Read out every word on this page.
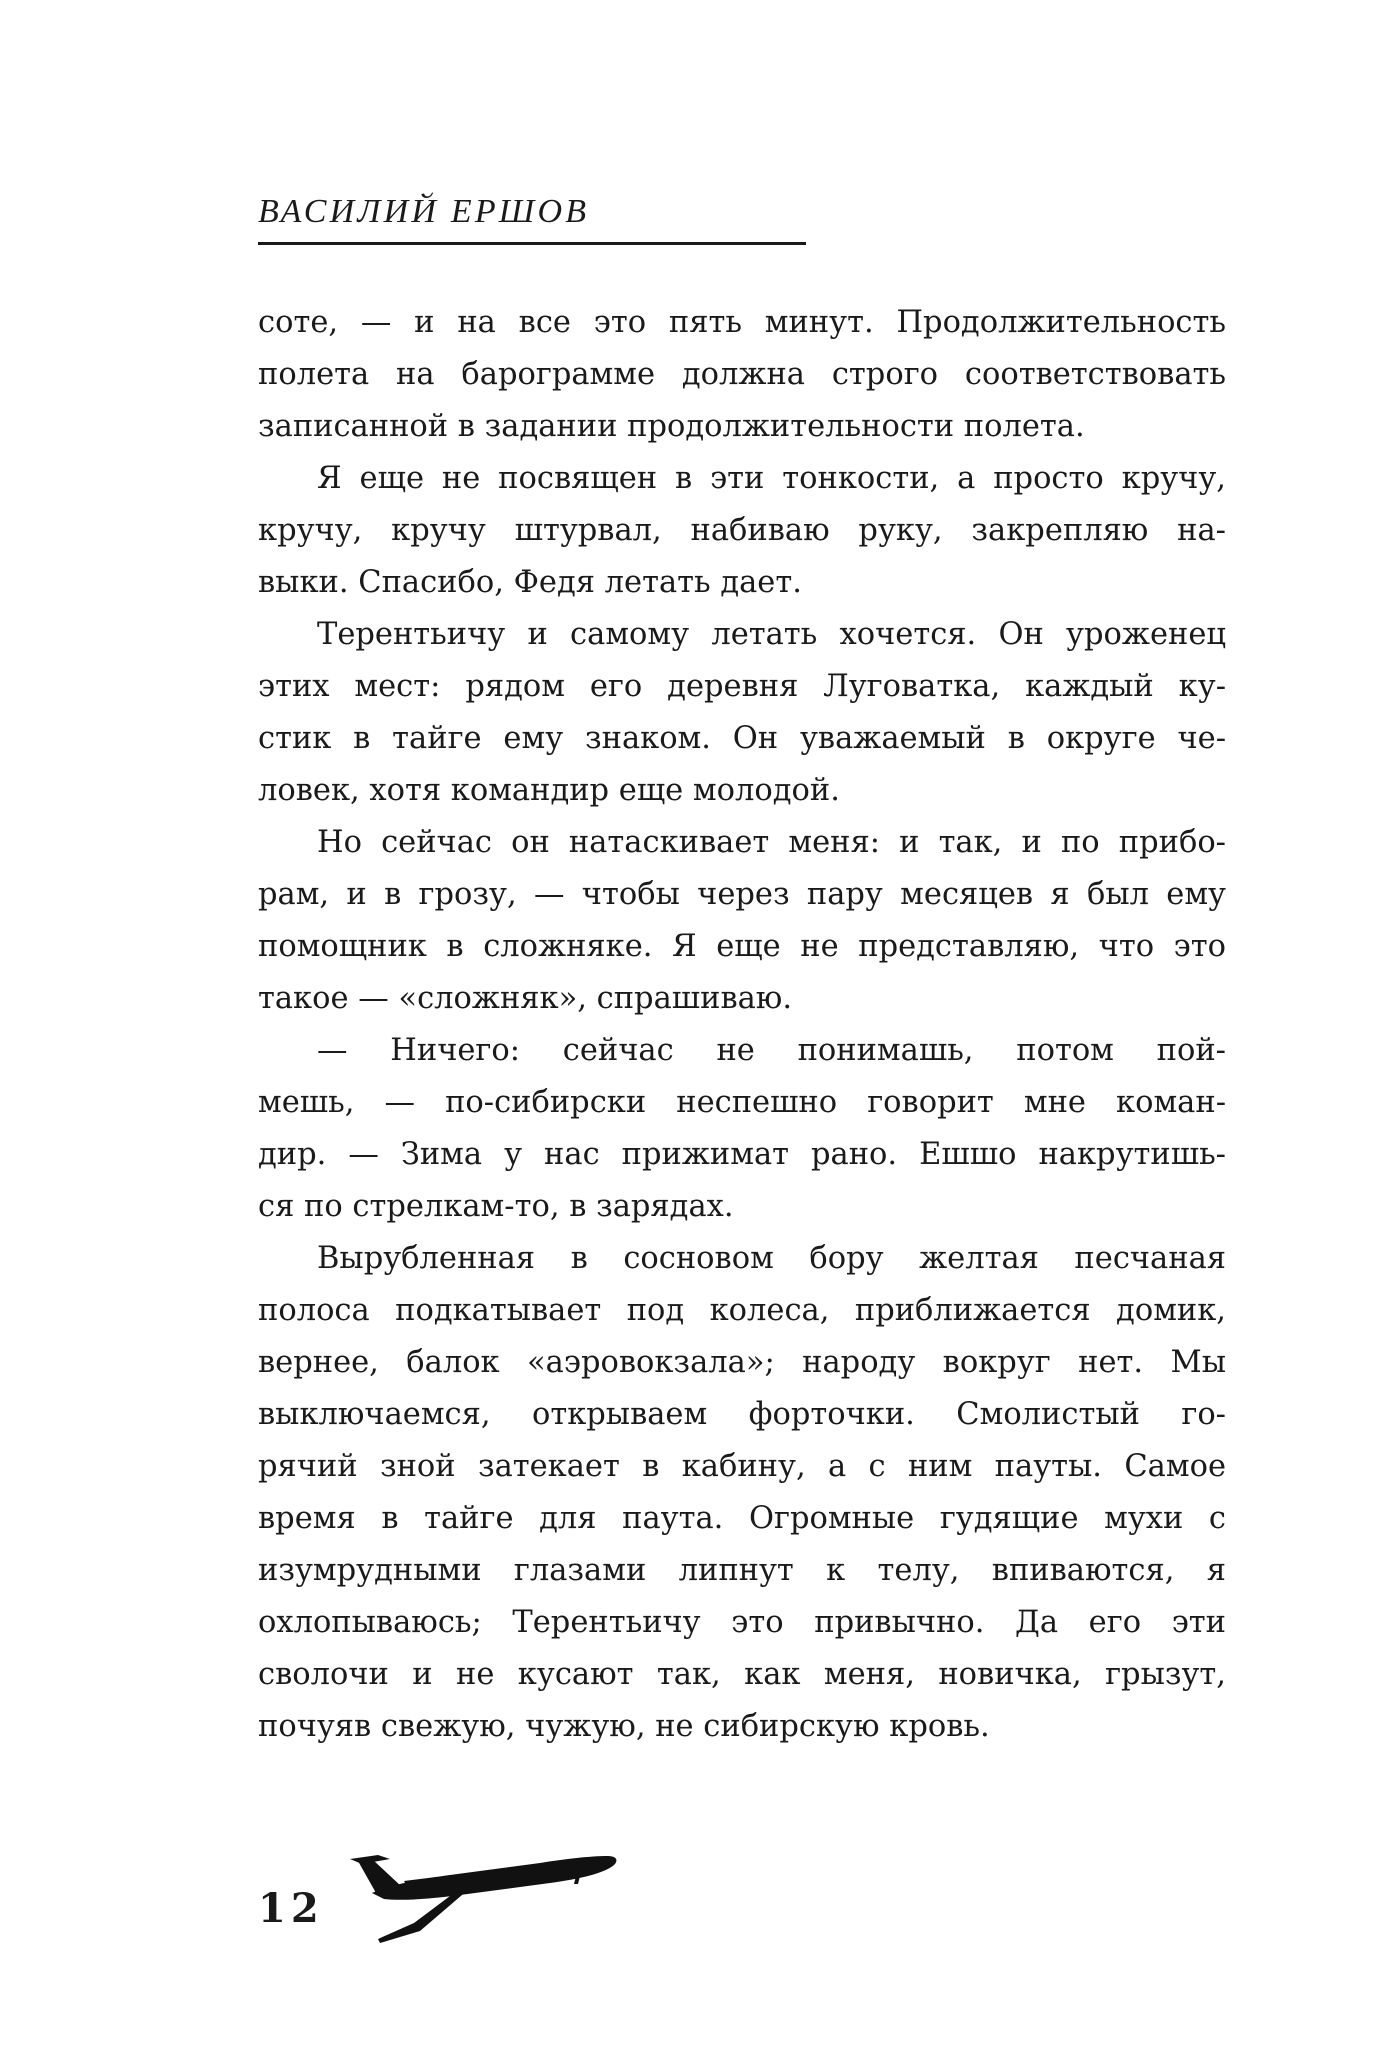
ВАСИЛИЙ ЕРШОВ
соте, — и на все это пять минут. Продолжительность
полета на барограмме должна строго соответствовать
записанной в задании продолжительности полета.
Я еще не посвящен в эти тонкости, а просто кручу,
кручу, кручу штурвал, набиваю руку, закрепляю на-
выки. Спасибо, Федя летать дает.
Терентьичу и самому летать хочется. Он уроженец
этих мест: рядом его деревня Луговатка, каждый ку-
стик в тайге ему знаком. Он уважаемый в округе че-
ловек, хотя командир еще молодой.
Но сейчас он натаскивает меня: и так, и по прибо-
рам, и в грозу, — чтобы через пару месяцев я был ему
помощник в сложняке. Я еще не представляю, что это
такое — «сложняк», спрашиваю.
— Ничего: сейчас не понимашь, потом пой-
мешь, — по-сибирски неспешно говорит мне коман-
дир. — Зима у нас прижимат рано. Ешшо накрутишь-
ся по стрелкам-то, в зарядах.
Вырубленная в сосновом бору желтая песчаная
полоса подкатывает под колеса, приближается домик,
вернее, балок «аэровокзала»; народу вокруг нет. Мы
выключаемся, открываем форточки. Смолистый го-
рячий зной затекает в кабину, а с ним пауты. Самое
время в тайге для паута. Огромные гудящие мухи с
изумрудными глазами липнут к телу, впиваются, я
охлопываюсь; Терентьичу это привычно. Да его эти
сволочи и не кусают так, как меня, новичка, грызут,
почуяв свежую, чужую, не сибирскую кровь.
12
